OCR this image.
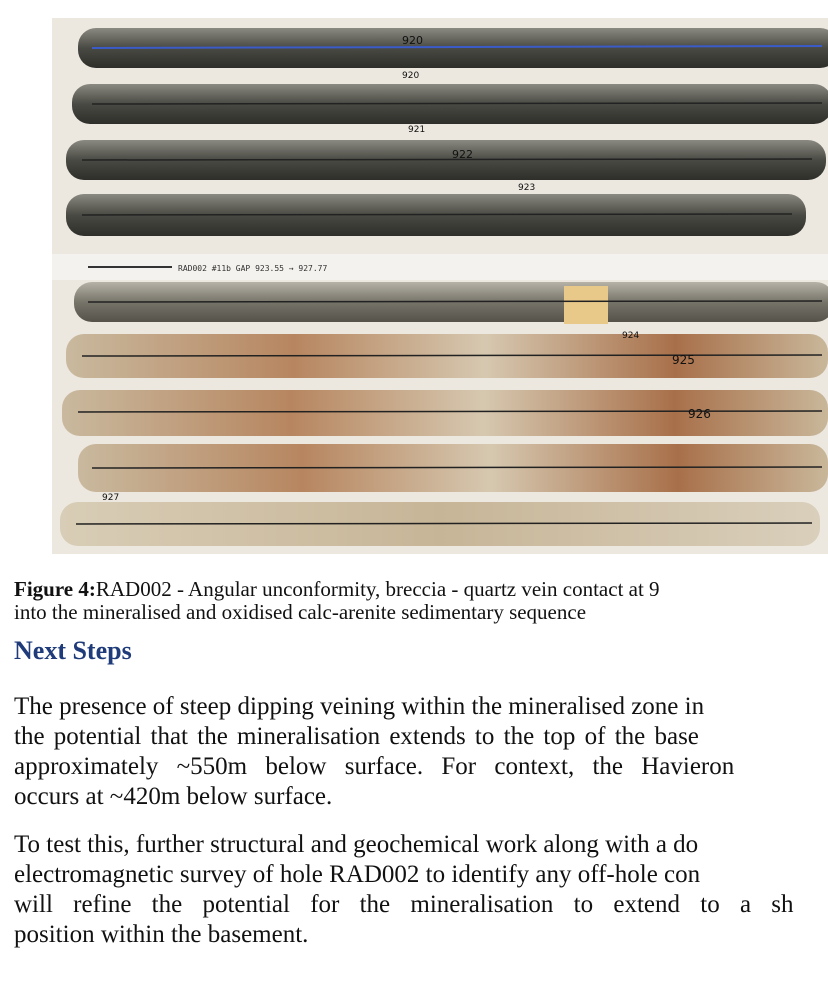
RAD002 #11b GAP 923.55 → 927.77
920
920
921
922
923
924
925
926
927
Figure 4:RAD002 - Angular unconformity, breccia - quartz vein contact at 9
into the mineralised and oxidised calc-arenite sedimentary sequence
Next Steps
The presence of steep dipping veining within the mineralised zone in
the potential that the mineralisation extends to the top of the base
approximately ~550m below surface. For context, the Havieron
occurs at ~420m below surface.
To test this, further structural and geochemical work along with a do
electromagnetic survey of hole RAD002 to identify any off-hole con
will refine the potential for the mineralisation to extend to a sh
position within the basement.
